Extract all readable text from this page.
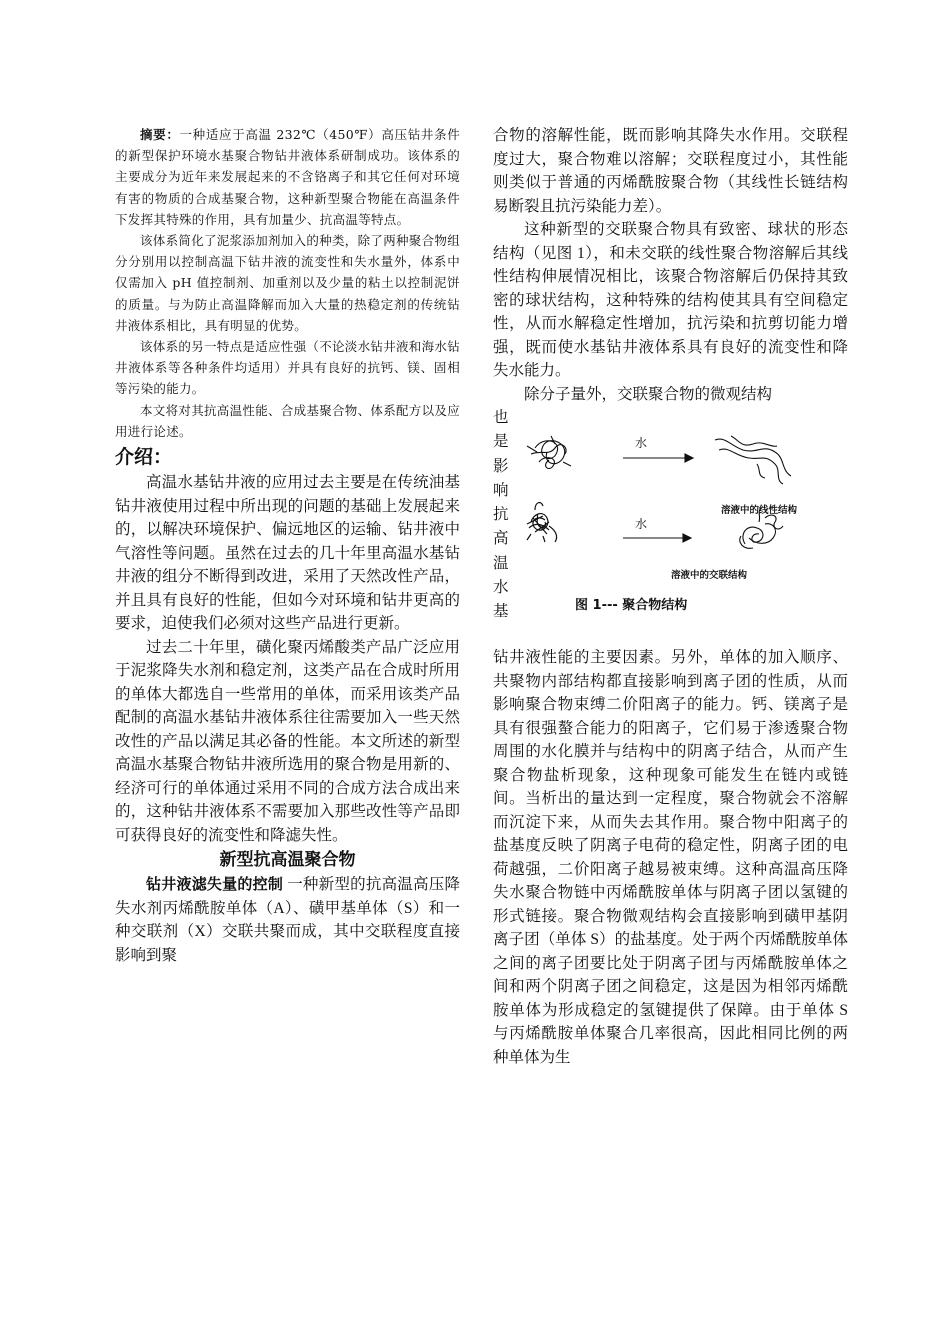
摘要：一种适应于高温 232℃（450℉）高压钻井条件的新型保护环境水基聚合物钻井液体系研制成功。该体系的主要成分为近年来发展起来的不含铬离子和其它任何对环境有害的物质的合成基聚合物，这种新型聚合物能在高温条件下发挥其特殊的作用，具有加量少、抗高温等特点。

该体系简化了泥浆添加剂加入的种类，除了两种聚合物组分分别用以控制高温下钻井液的流变性和失水量外，体系中仅需加入 pH 值控制剂、加重剂以及少量的粘土以控制泥饼的质量。与为防止高温降解而加入大量的热稳定剂的传统钻井液体系相比，具有明显的优势。

该体系的另一特点是适应性强（不论淡水钻井液和海水钻井液体系等各种条件均适用）并具有良好的抗钙、镁、固相等污染的能力。

本文将对其抗高温性能、合成基聚合物、体系配方以及应用进行论述。

介绍：

高温水基钻井液的应用过去主要是在传统油基钻井液使用过程中所出现的问题的基础上发展起来的，以解决环境保护、偏远地区的运输、钻井液中气溶性等问题。虽然在过去的几十年里高温水基钻井液的组分不断得到改进，采用了天然改性产品，并且具有良好的性能，但如今对环境和钻井更高的要求，迫使我们必须对这些产品进行更新。

过去二十年里，磺化聚丙烯酸类产品广泛应用于泥浆降失水剂和稳定剂，这类产品在合成时所用的单体大都选自一些常用的单体，而采用该类产品配制的高温水基钻井液体系往往需要加入一些天然改性的产品以满足其必备的性能。本文所述的新型高温水基聚合物钻井液所选用的聚合物是用新的、经济可行的单体通过采用不同的合成方法合成出来的，这种钻井液体系不需要加入那些改性等产品即可获得良好的流变性和降滤失性。

新型抗高温聚合物

钻井液滤失量的控制 一种新型的抗高温高压降失水剂丙烯酰胺单体（A）、磺甲基单体（S）和一种交联剂（X）交联共聚而成，其中交联程度直接影响到聚

合物的溶解性能，既而影响其降失水作用。交联程度过大，聚合物难以溶解；交联程度过小，其性能则类似于普通的丙烯酰胺聚合物（其线性长链结构易断裂且抗污染能力差）。

这种新型的交联聚合物具有致密、球状的形态结构（见图 1），和未交联的线性聚合物溶解后其线性结构伸展情况相比，该聚合物溶解后仍保持其致密的球状结构，这种特殊的结构使其具有空间稳定性，从而水解稳定性增加，抗污染和抗剪切能力增强，既而使水基钻井液体系具有良好的流变性和降失水能力。

除分子量外，交联聚合物的微观结构

也
是
影
响
抗
高
温
水
基
水
溶液中的线性结构
水
溶液中的交联结构
图 1--- 聚合物结构

钻井液性能的主要因素。另外，单体的加入顺序、共聚物内部结构都直接影响到离子团的性质，从而影响聚合物束缚二价阳离子的能力。钙、镁离子是具有很强螯合能力的阳离子，它们易于渗透聚合物周围的水化膜并与结构中的阴离子结合，从而产生聚合物盐析现象，这种现象可能发生在链内或链间。当析出的量达到一定程度，聚合物就会不溶解而沉淀下来，从而失去其作用。聚合物中阳离子的盐基度反映了阴离子电荷的稳定性，阴离子团的电荷越强，二价阳离子越易被束缚。这种高温高压降失水聚合物链中丙烯酰胺单体与阴离子团以氢键的形式链接。聚合物微观结构会直接影响到磺甲基阴离子团（单体 S）的盐基度。处于两个丙烯酰胺单体之间的离子团要比处于阴离子团与丙烯酰胺单体之间和两个阴离子团之间稳定，这是因为相邻丙烯酰胺单体为形成稳定的氢键提供了保障。由于单体 S 与丙烯酰胺单体聚合几率很高，因此相同比例的两种单体为生
